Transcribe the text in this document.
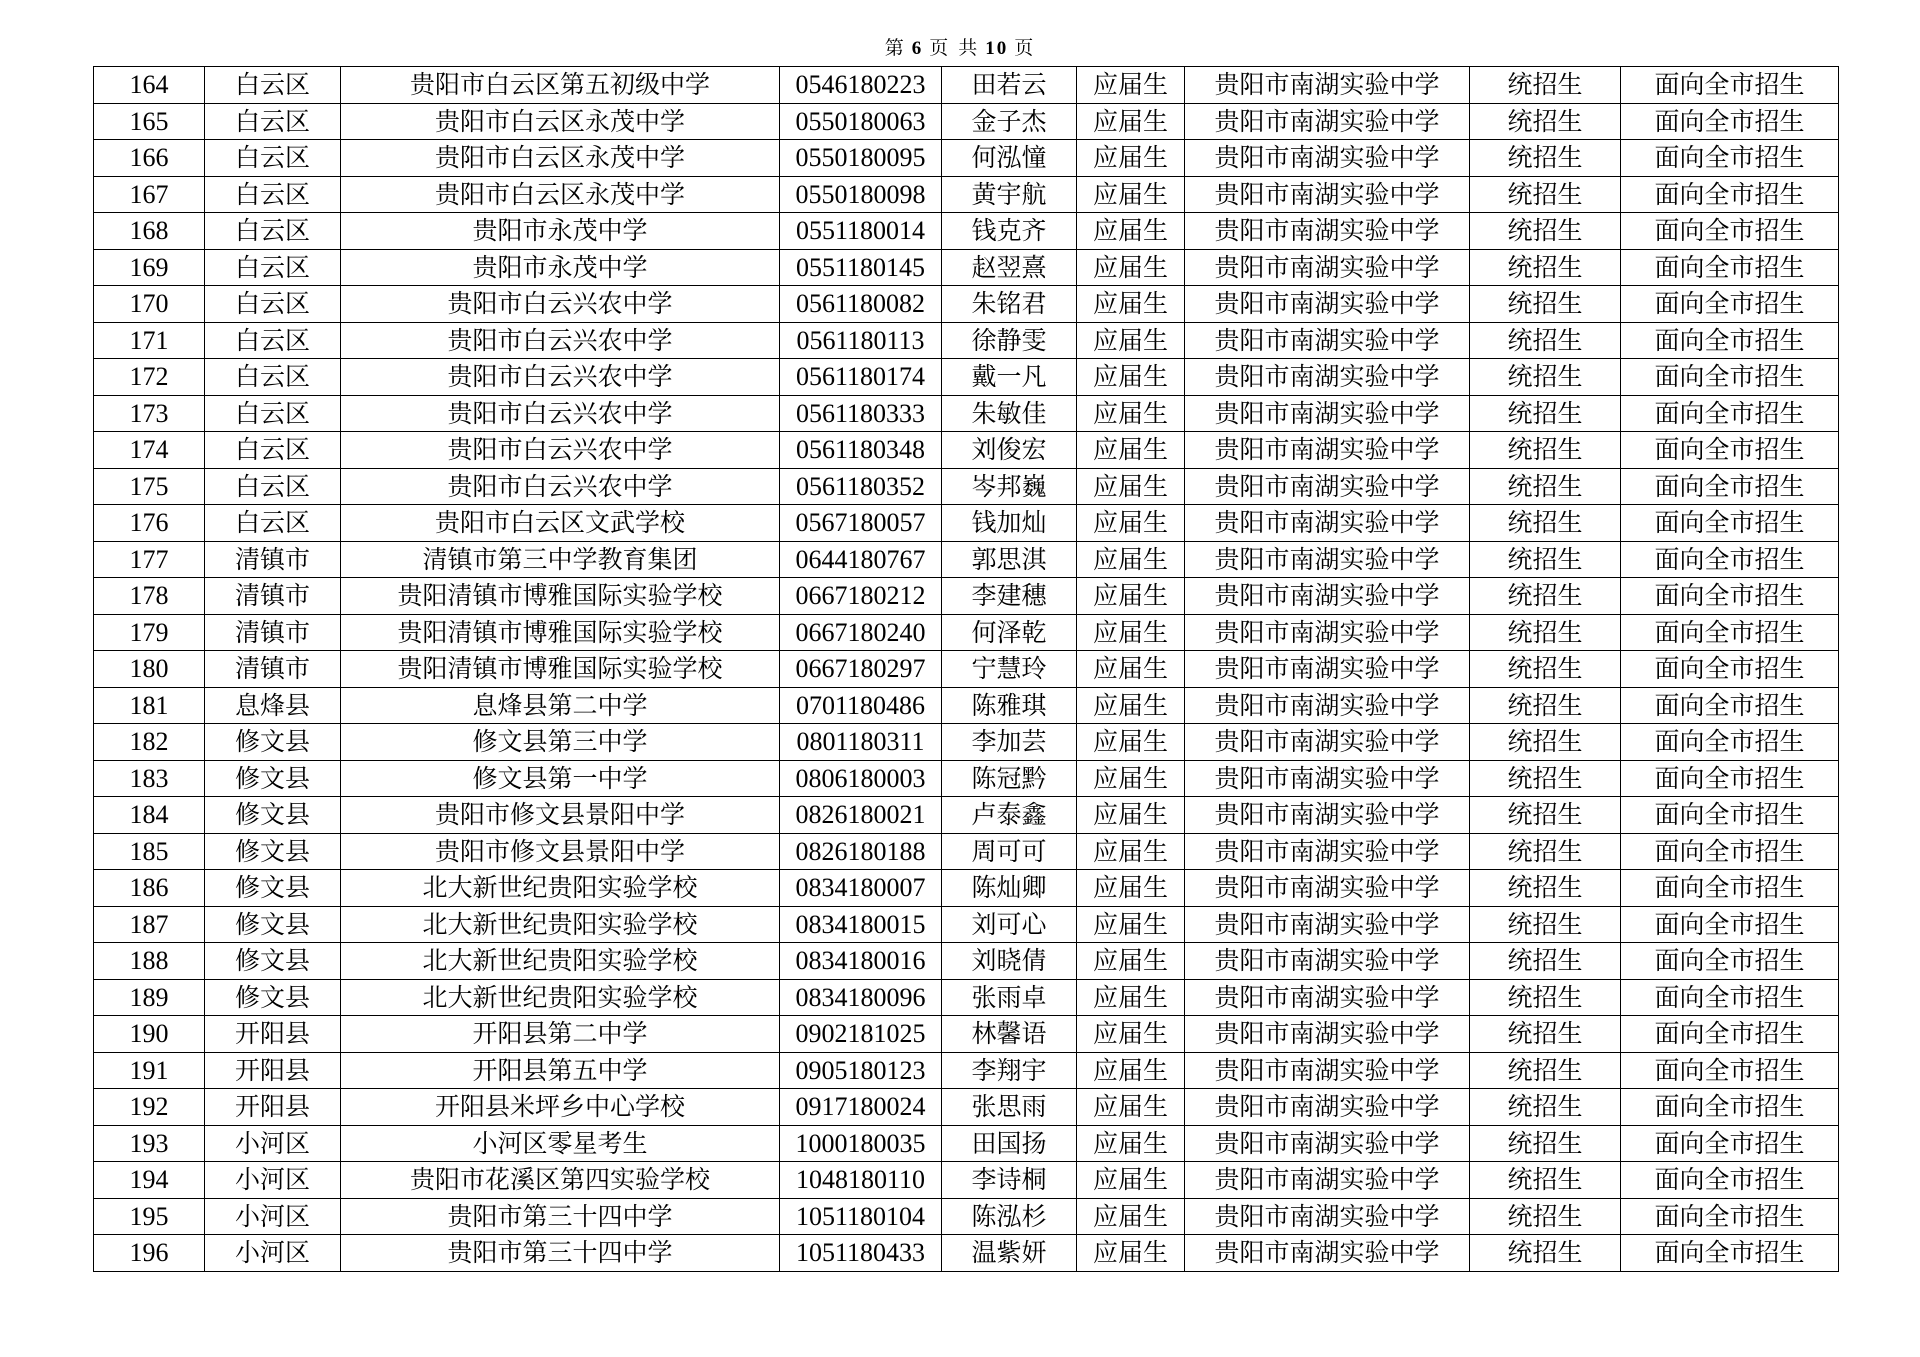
第 6 页 共 10 页
164	白云区	贵阳市白云区第五初级中学	0546180223	田若云	应届生	贵阳市南湖实验中学	统招生	面向全市招生
165	白云区	贵阳市白云区永茂中学	0550180063	金子杰	应届生	贵阳市南湖实验中学	统招生	面向全市招生
166	白云区	贵阳市白云区永茂中学	0550180095	何泓憧	应届生	贵阳市南湖实验中学	统招生	面向全市招生
167	白云区	贵阳市白云区永茂中学	0550180098	黄宇航	应届生	贵阳市南湖实验中学	统招生	面向全市招生
168	白云区	贵阳市永茂中学	0551180014	钱克齐	应届生	贵阳市南湖实验中学	统招生	面向全市招生
169	白云区	贵阳市永茂中学	0551180145	赵翌熹	应届生	贵阳市南湖实验中学	统招生	面向全市招生
170	白云区	贵阳市白云兴农中学	0561180082	朱铭君	应届生	贵阳市南湖实验中学	统招生	面向全市招生
171	白云区	贵阳市白云兴农中学	0561180113	徐静雯	应届生	贵阳市南湖实验中学	统招生	面向全市招生
172	白云区	贵阳市白云兴农中学	0561180174	戴一凡	应届生	贵阳市南湖实验中学	统招生	面向全市招生
173	白云区	贵阳市白云兴农中学	0561180333	朱敏佳	应届生	贵阳市南湖实验中学	统招生	面向全市招生
174	白云区	贵阳市白云兴农中学	0561180348	刘俊宏	应届生	贵阳市南湖实验中学	统招生	面向全市招生
175	白云区	贵阳市白云兴农中学	0561180352	岑邦巍	应届生	贵阳市南湖实验中学	统招生	面向全市招生
176	白云区	贵阳市白云区文武学校	0567180057	钱加灿	应届生	贵阳市南湖实验中学	统招生	面向全市招生
177	清镇市	清镇市第三中学教育集团	0644180767	郭思淇	应届生	贵阳市南湖实验中学	统招生	面向全市招生
178	清镇市	贵阳清镇市博雅国际实验学校	0667180212	李建穗	应届生	贵阳市南湖实验中学	统招生	面向全市招生
179	清镇市	贵阳清镇市博雅国际实验学校	0667180240	何泽乾	应届生	贵阳市南湖实验中学	统招生	面向全市招生
180	清镇市	贵阳清镇市博雅国际实验学校	0667180297	宁慧玲	应届生	贵阳市南湖实验中学	统招生	面向全市招生
181	息烽县	息烽县第二中学	0701180486	陈雅琪	应届生	贵阳市南湖实验中学	统招生	面向全市招生
182	修文县	修文县第三中学	0801180311	李加芸	应届生	贵阳市南湖实验中学	统招生	面向全市招生
183	修文县	修文县第一中学	0806180003	陈冠黔	应届生	贵阳市南湖实验中学	统招生	面向全市招生
184	修文县	贵阳市修文县景阳中学	0826180021	卢泰鑫	应届生	贵阳市南湖实验中学	统招生	面向全市招生
185	修文县	贵阳市修文县景阳中学	0826180188	周可可	应届生	贵阳市南湖实验中学	统招生	面向全市招生
186	修文县	北大新世纪贵阳实验学校	0834180007	陈灿卿	应届生	贵阳市南湖实验中学	统招生	面向全市招生
187	修文县	北大新世纪贵阳实验学校	0834180015	刘可心	应届生	贵阳市南湖实验中学	统招生	面向全市招生
188	修文县	北大新世纪贵阳实验学校	0834180016	刘晓倩	应届生	贵阳市南湖实验中学	统招生	面向全市招生
189	修文县	北大新世纪贵阳实验学校	0834180096	张雨卓	应届生	贵阳市南湖实验中学	统招生	面向全市招生
190	开阳县	开阳县第二中学	0902181025	林馨语	应届生	贵阳市南湖实验中学	统招生	面向全市招生
191	开阳县	开阳县第五中学	0905180123	李翔宇	应届生	贵阳市南湖实验中学	统招生	面向全市招生
192	开阳县	开阳县米坪乡中心学校	0917180024	张思雨	应届生	贵阳市南湖实验中学	统招生	面向全市招生
193	小河区	小河区零星考生	1000180035	田国扬	应届生	贵阳市南湖实验中学	统招生	面向全市招生
194	小河区	贵阳市花溪区第四实验学校	1048180110	李诗桐	应届生	贵阳市南湖实验中学	统招生	面向全市招生
195	小河区	贵阳市第三十四中学	1051180104	陈泓杉	应届生	贵阳市南湖实验中学	统招生	面向全市招生
196	小河区	贵阳市第三十四中学	1051180433	温紫妍	应届生	贵阳市南湖实验中学	统招生	面向全市招生
